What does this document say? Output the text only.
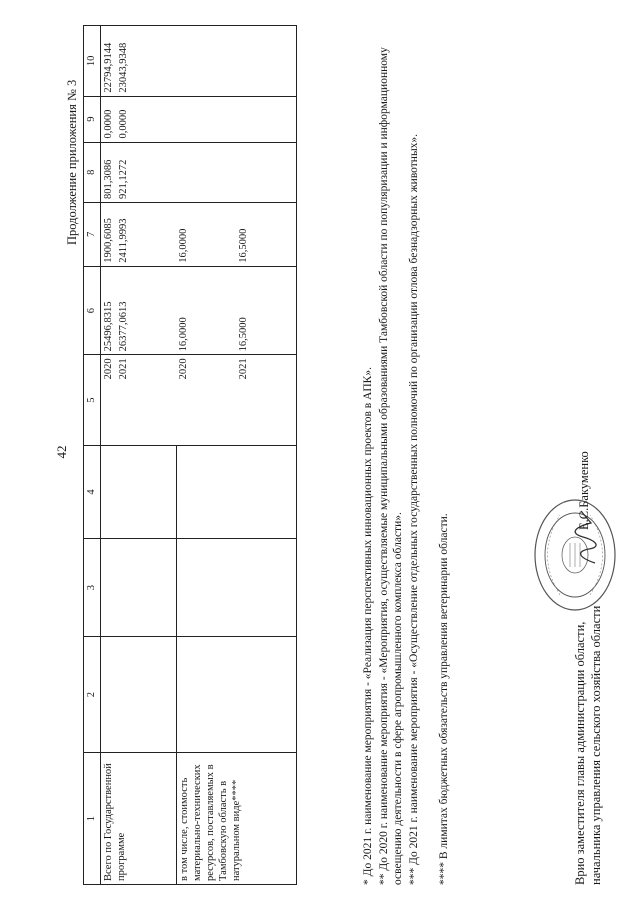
42
Продолжение приложения № 3
1	2	3	4	5	6	7	8	9	10
Всего по Государственной программе				2020	25496,8315	1900,6085	801,3086	0,0000	22794,9144

				2021	26377,0613	2411,9993	921,1272	0,0000	23043,9348
в том числе, стоимость материально-технических ресурсов, поставляемых в Тамбовскую область в натуральном виде****				2020	16,0000	16,0000			

				2021	16,5000	16,5000			
* До 2021 г. наименование мероприятия - «Реализация перспективных инновационных проектов в АПК». ** До 2020 г. наименование мероприятия - «Мероприятия, осуществляемые муниципальными образованиями Тамбовской области по популяризации и информационному освещению деятельности в сфере агропромышленного комплекса области». *** До 2021 г. наименование мероприятия - «Осуществление отдельных государственных полномочий по организации отлова безнадзорных животных». **** В лимитах бюджетных обязательств управления ветеринарии области.	Врио заместителя главы администрации области, начальника управления сельского хозяйства области
Е.С.Бакуменко
